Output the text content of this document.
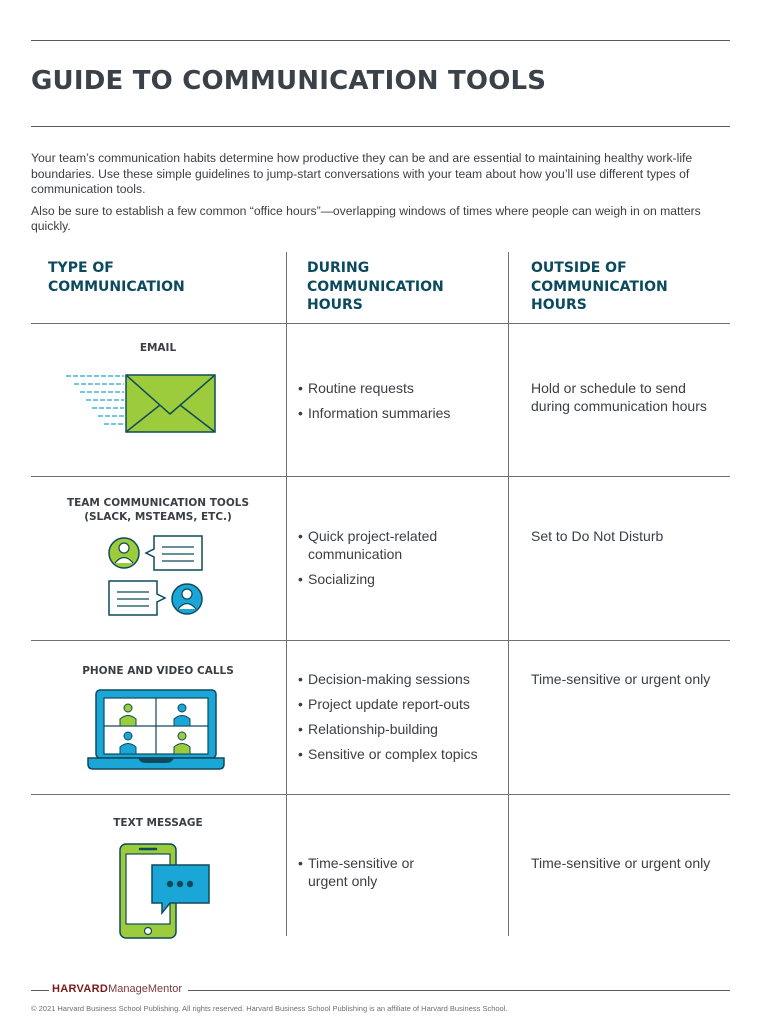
GUIDE TO COMMUNICATION TOOLS

Your team’s communication habits determine how productive they can be and are essential to maintaining healthy work-life boundaries. Use these simple guidelines to jump-start conversations with your team about how you’ll use different types of communication tools.

Also be sure to establish a few common “office hours”—overlapping windows of times where people can weigh in on matters quickly.

TYPE OF
COMMUNICATION
DURING
COMMUNICATION
HOURS
OUTSIDE OF
COMMUNICATION
HOURS
EMAIL
• Routine requests
• Information summaries
Hold or schedule to send during communication hours
TEAM COMMUNICATION TOOLS
(SLACK, MSTEAMS, ETC.)
• Quick project-related communication
• Socializing
Set to Do Not Disturb
PHONE AND VIDEO CALLS
•	Decision-making sessions
• Project update report-outs
• Relationship-building
• Sensitive or complex topics
Time-sensitive or urgent only
TEXT MESSAGE
• Time-sensitive or urgent only
Time-sensitive or urgent only
HARVARDManageMentor
© 2021 Harvard Business School Publishing. All rights reserved. Harvard Business School Publishing is an affiliate of Harvard Business School.
